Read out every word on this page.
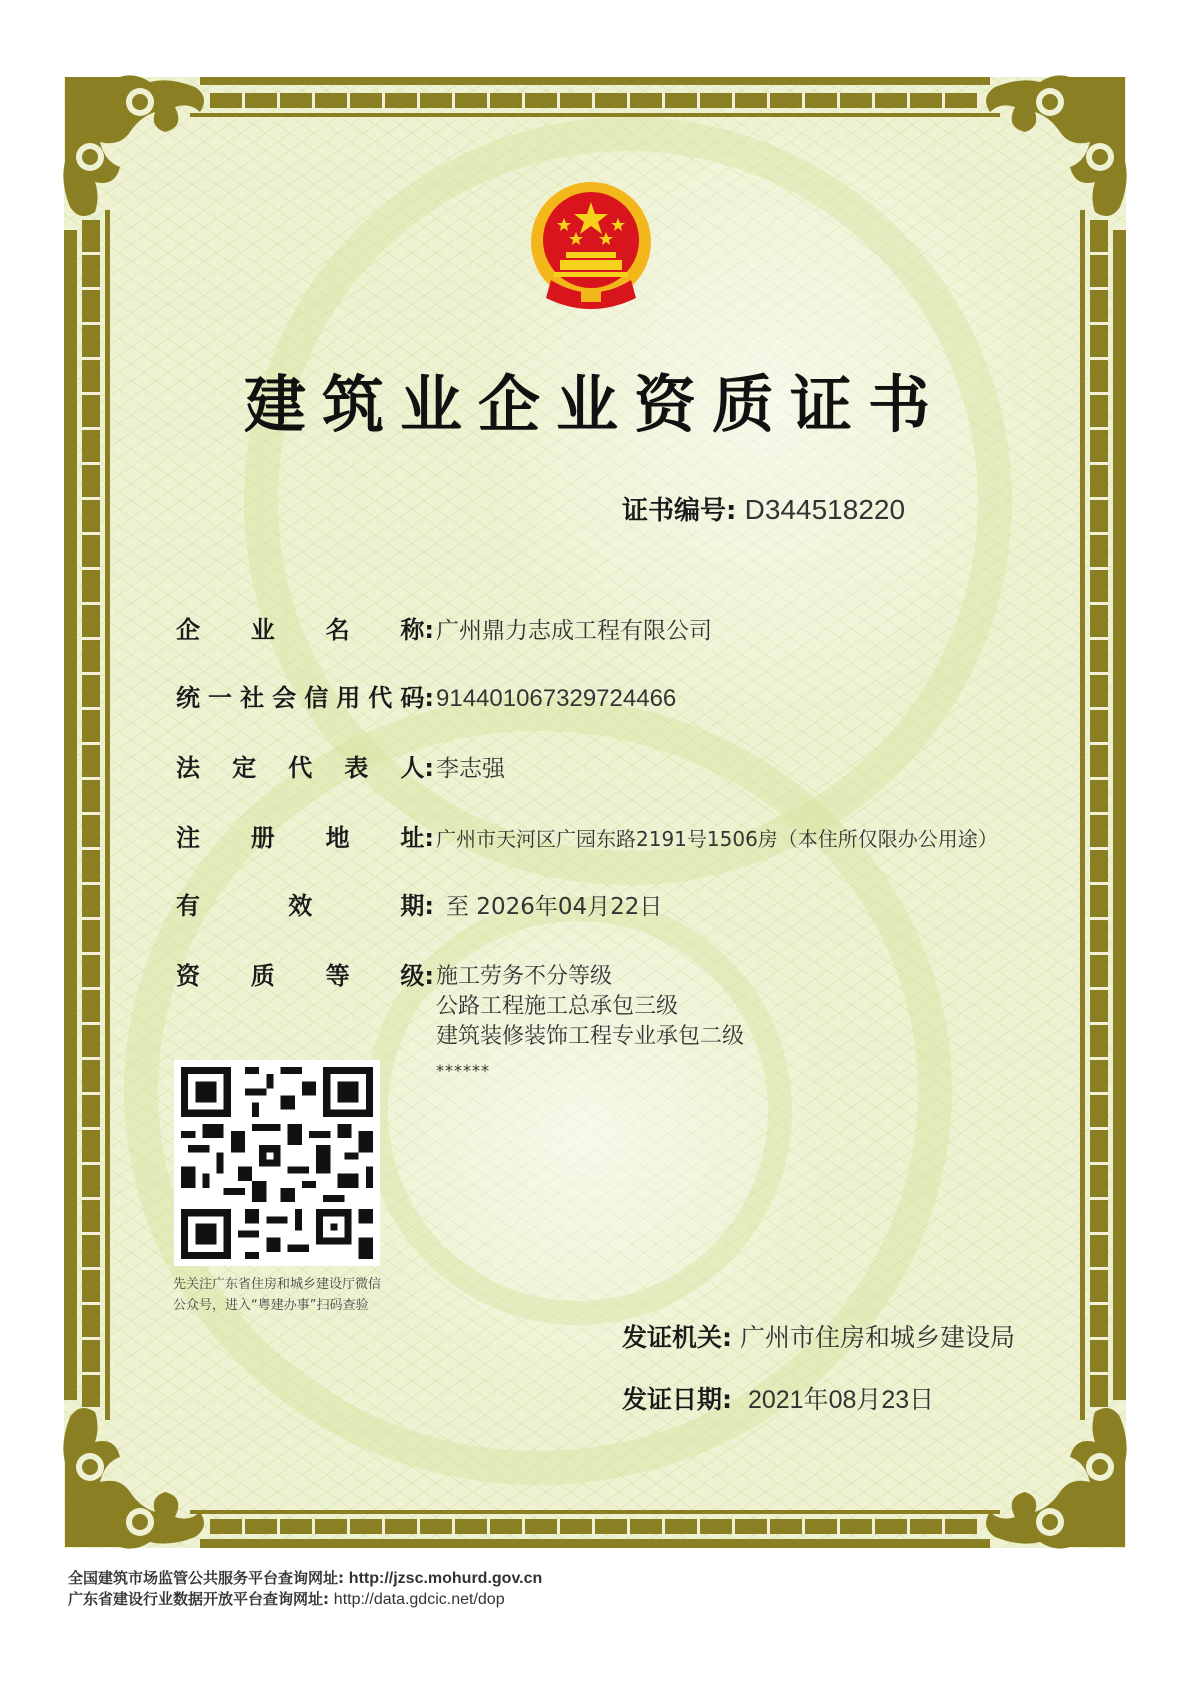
建筑业企业资质证书
证书编号: D344518220
企 业 名 称: 广州鼎力志成工程有限公司
统 一 社 会 信 用 代 码: 914401067329724466
法 定 代 表 人: 李志强
注 册 地 址: 广州市天河区广园东路2191号1506房（本住所仅限办公用途）
有	效	期: 至 2026年04月22日
资 质 等 级: 施工劳务不分等级
公路工程施工总承包三级
建筑装修装饰工程专业承包二级
******
先关注广东省住房和城乡建设厅微信公众号，进入“粤建办事”扫码查验
发证机关: 广州市住房和城乡建设局
发证日期: 2021年08月23日
全国建筑市场监管公共服务平台查询网址: http://jzsc.mohurd.gov.cn
广东省建设行业数据开放平台查询网址: http://data.gdcic.net/dop
